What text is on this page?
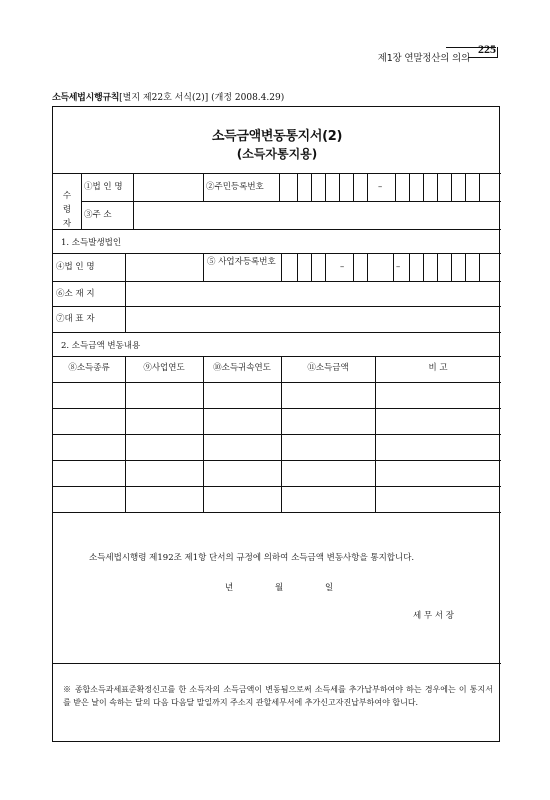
제1장 연말정산의 의의
225
소득세법시행규칙[별지 제22호 서식(2)] (개정 2008.4.29)
소득금액변동통지서(2)
(소득자통지용)
수령자
①법 인 명	②주민등록번호	–
③주 소
1. 소득발생법인
④법 인 명	⑤ 사업자등록번호	–	–
⑥소 재 지
⑦대 표 자
2. 소득금액 변동내용
⑧소득종류	⑨사업연도	⑩소득귀속연도	⑪소득금액	비 고
소득세법시행령 제192조 제1항 단서의 규정에 의하여 소득금액 변동사항을 통지합니다.
년	월	일
세 무 서 장
※ 종합소득과세표준확정신고를 한 소득자의 소득금액이 변동됨으로써 소득세를 추가납부하여야 하는 경우에는 이 통지서를 받은 날이 속하는 달의 다음 다음달 말일까지 주소지 관할세무서에 추가신고자진납부하여야 합니다.
